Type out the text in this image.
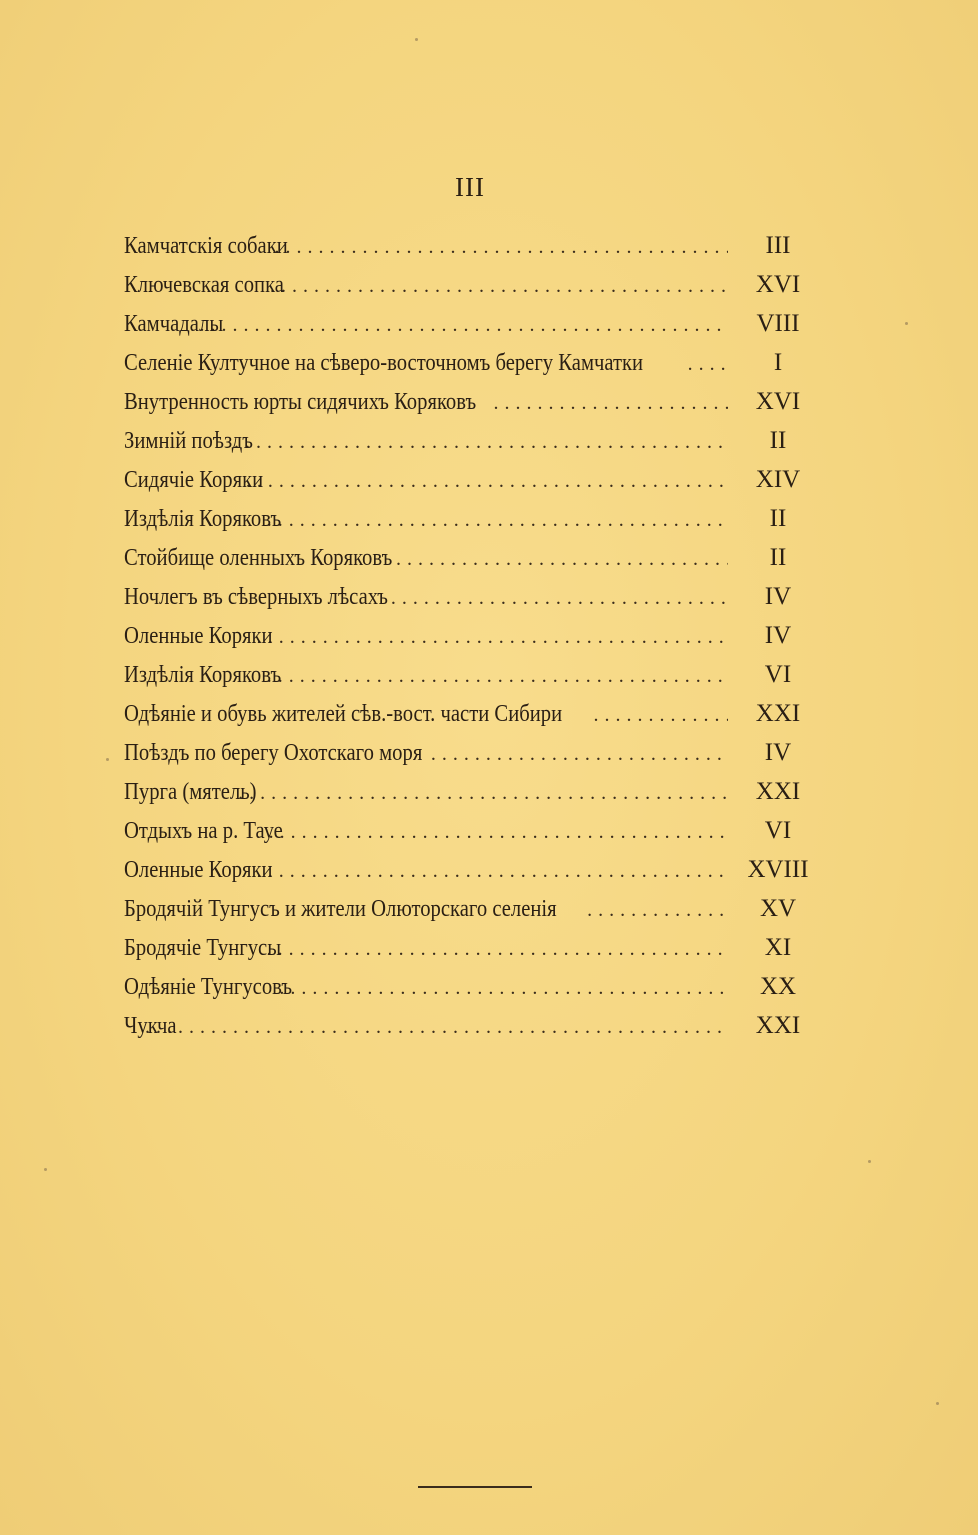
III
Камчатскія собаки . . .	III
Ключевская сопка . . .	XVI
Камчадалы . . .	VIII
Селеніе Култучное на сѣверо-восточномъ берегу Камчатки . . .	I
Внутренность юрты сидячихъ Коряковъ . . .	XVI
Зимній поѣздъ . . .	II
Сидячіе Коряки . . .	XIV
Издѣлія Коряковъ . . .	II
Стойбище оленныхъ Коряковъ . . .	II
Ночлегъ въ сѣверныхъ лѣсахъ . . .	IV
Оленные Коряки . . .	IV
Издѣлія Коряковъ . . .	VI
Одѣяніе и обувь жителей сѣв.-вост. части Сибири . . .	XXI
Поѣздъ по берегу Охотскаго моря . . .	IV
Пурга (мятель) . . .	XXI
Отдыхъ на р. Тауе . . .	VI
Оленные Коряки . . .	XVIII
Бродячій Тунгусъ и жители Олюторскаго селенія . . .	XV
Бродячіе Тунгусы . . .	XI
Одѣяніе Тунгусовъ . . .	XX
Чукча . . .	XXI
